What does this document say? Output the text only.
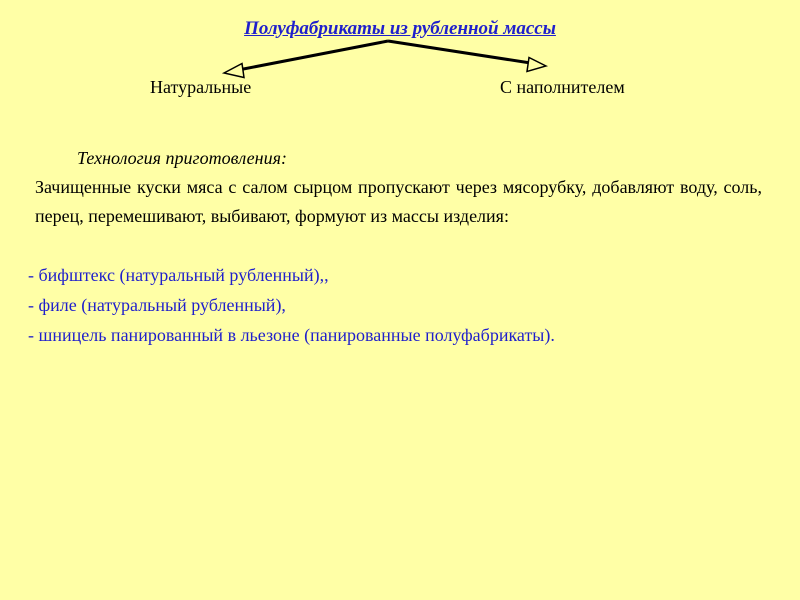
Полуфабрикаты из рубленной массы
Натуральные	С наполнителем
Технология приготовления:
Зачищенные куски мяса с салом сырцом пропускают через мясорубку, добавляют воду, соль, перец, перемешивают, выбивают, формуют из массы изделия:
- бифштекс (натуральный рубленный),,
- филе (натуральный рубленный),
- шницель панированный в льезоне (панированные полуфабрикаты).
